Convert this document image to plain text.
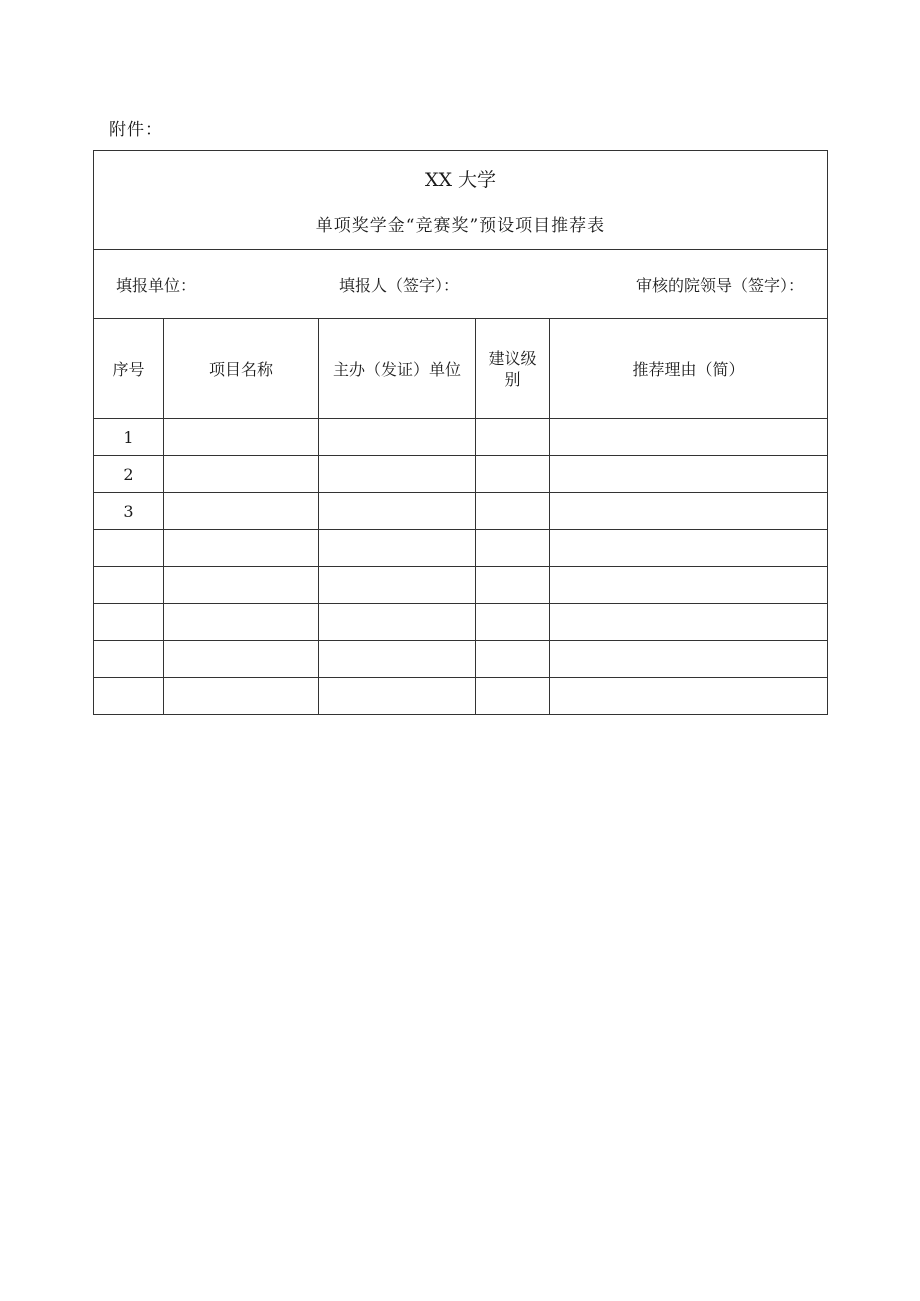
附件：
XX 大学
单项奖学金“竞赛奖”预设项目推荐表				

填报单位： 填报人（签字）： 审核的院领导（签字）：				

序号	项目名称	主办（发证）单位	建议级
别	推荐理由（简）
1				
2				
3				
